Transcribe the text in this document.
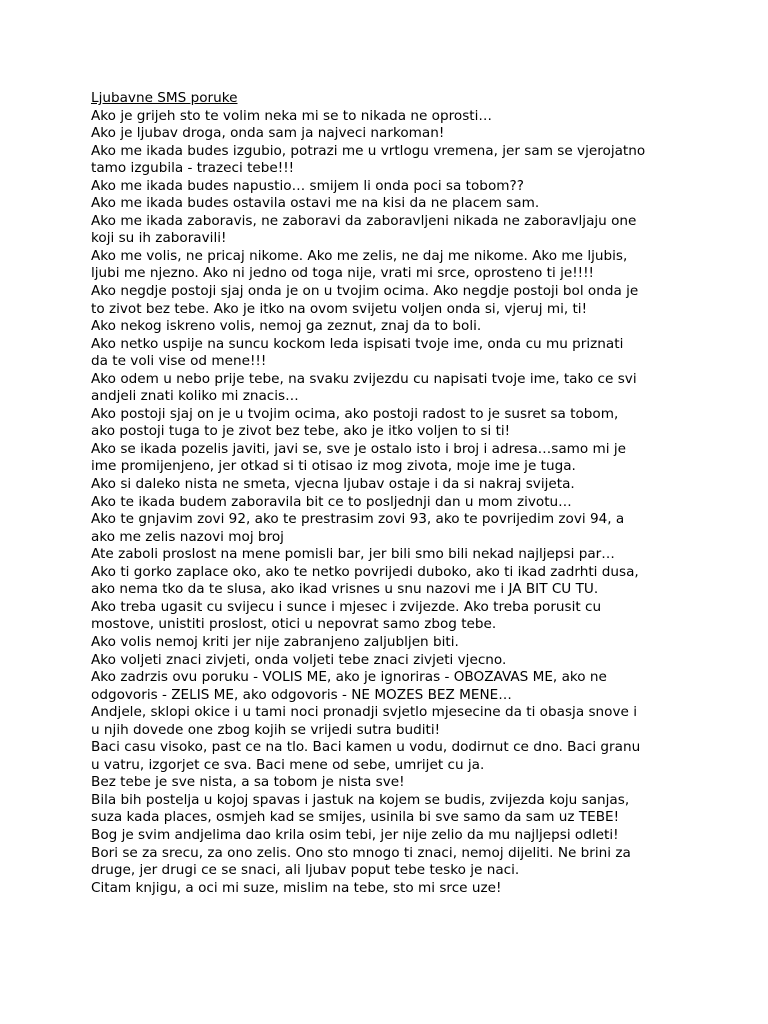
Ljubavne SMS poruke
Ako je grijeh sto te volim neka mi se to nikada ne oprosti…
Ako je ljubav droga, onda sam ja najveci narkoman!
Ako me ikada budes izgubio, potrazi me u vrtlogu vremena, jer sam se vjerojatno
tamo izgubila - trazeci tebe!!!
Ako me ikada budes napustio… smijem li onda poci sa tobom??
Ako me ikada budes ostavila ostavi me na kisi da ne placem sam.
Ako me ikada zaboravis, ne zaboravi da zaboravljeni nikada ne zaboravljaju one
koji su ih zaboravili!
Ako me volis, ne pricaj nikome. Ako me zelis, ne daj me nikome. Ako me ljubis,
ljubi me njezno. Ako ni jedno od toga nije, vrati mi srce, oprosteno ti je!!!!
Ako negdje postoji sjaj onda je on u tvojim ocima. Ako negdje postoji bol onda je
to zivot bez tebe. Ako je itko na ovom svijetu voljen onda si, vjeruj mi, ti!
Ako nekog iskreno volis, nemoj ga zeznut, znaj da to boli.
Ako netko uspije na suncu kockom leda ispisati tvoje ime, onda cu mu priznati
da te voli vise od mene!!!
Ako odem u nebo prije tebe, na svaku zvijezdu cu napisati tvoje ime, tako ce svi
andjeli znati koliko mi znacis…
Ako postoji sjaj on je u tvojim ocima, ako postoji radost to je susret sa tobom,
ako postoji tuga to je zivot bez tebe, ako je itko voljen to si ti!
Ako se ikada pozelis javiti, javi se, sve je ostalo isto i broj i adresa…samo mi je
ime promijenjeno, jer otkad si ti otisao iz mog zivota, moje ime je tuga.
Ako si daleko nista ne smeta, vjecna ljubav ostaje i da si nakraj svijeta.
Ako te ikada budem zaboravila bit ce to posljednji dan u mom zivotu…
Ako te gnjavim zovi 92, ako te prestrasim zovi 93, ako te povrijedim zovi 94, a
ako me zelis nazovi moj broj
Ate zaboli proslost na mene pomisli bar, jer bili smo bili nekad najljepsi par…
Ako ti gorko zaplace oko, ako te netko povrijedi duboko, ako ti ikad zadrhti dusa,
ako nema tko da te slusa, ako ikad vrisnes u snu nazovi me i JA BIT CU TU.
Ako treba ugasit cu svijecu i sunce i mjesec i zvijezde. Ako treba porusit cu
mostove, unistiti proslost, otici u nepovrat samo zbog tebe.
Ako volis nemoj kriti jer nije zabranjeno zaljubljen biti.
Ako voljeti znaci zivjeti, onda voljeti tebe znaci zivjeti vjecno.
Ako zadrzis ovu poruku - VOLIS ME, ako je ignoriras - OBOZAVAS ME, ako ne
odgovoris - ZELIS ME, ako odgovoris - NE MOZES BEZ MENE…
Andjele, sklopi okice i u tami noci pronadji svjetlo mjesecine da ti obasja snove i
u njih dovede one zbog kojih se vrijedi sutra buditi!
Baci casu visoko, past ce na tlo. Baci kamen u vodu, dodirnut ce dno. Baci granu
u vatru, izgorjet ce sva. Baci mene od sebe, umrijet cu ja.
Bez tebe je sve nista, a sa tobom je nista sve!
Bila bih postelja u kojoj spavas i jastuk na kojem se budis, zvijezda koju sanjas,
suza kada places, osmjeh kad se smijes, usinila bi sve samo da sam uz TEBE!
Bog je svim andjelima dao krila osim tebi, jer nije zelio da mu najljepsi odleti!
Bori se za srecu, za ono zelis. Ono sto mnogo ti znaci, nemoj dijeliti. Ne brini za
druge, jer drugi ce se snaci, ali ljubav poput tebe tesko je naci.
Citam knjigu, a oci mi suze, mislim na tebe, sto mi srce uze!
